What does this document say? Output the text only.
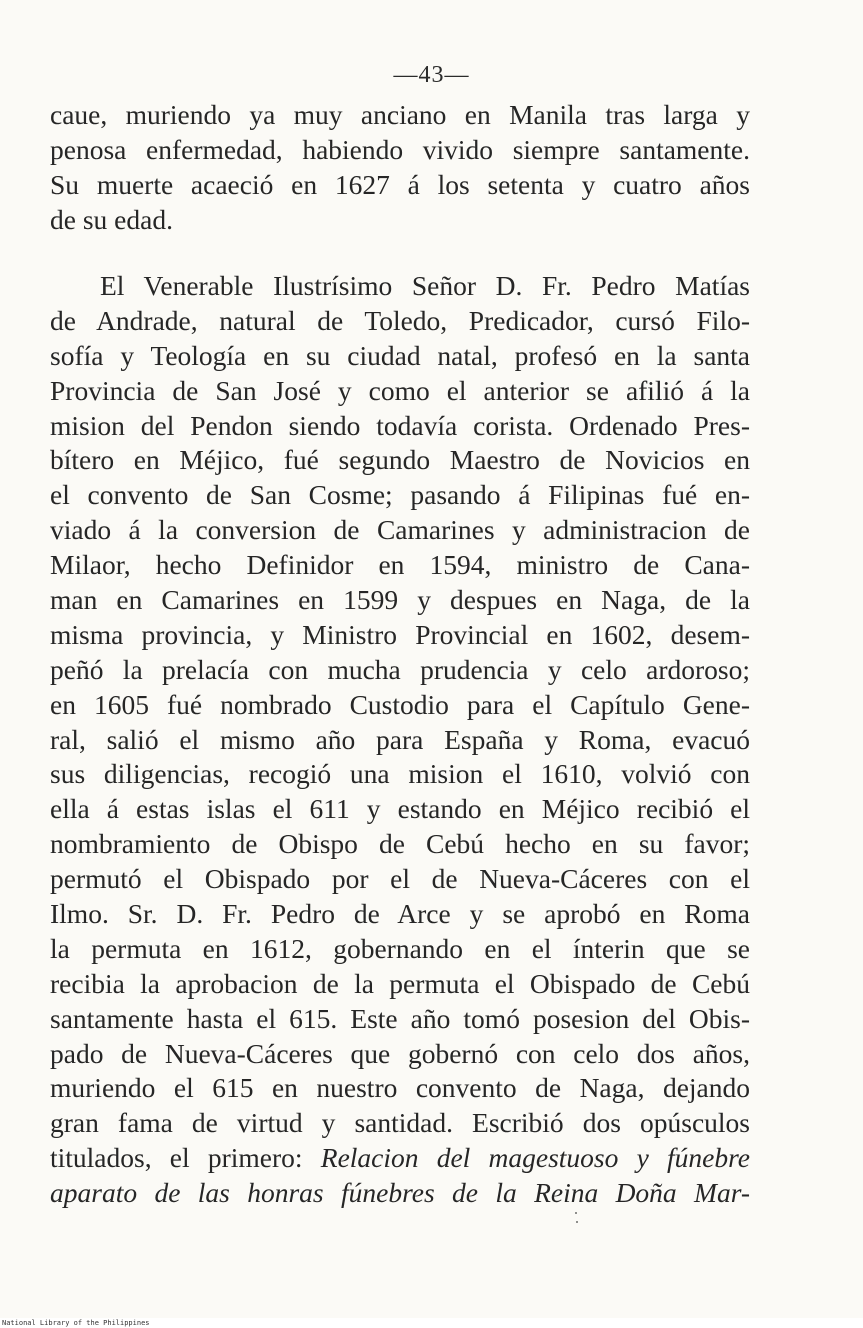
—43—
caue, muriendo ya muy anciano en Manila tras larga y
penosa enfermedad, habiendo vivido siempre santamente.
Su muerte acaeció en 1627 á los setenta y cuatro años
de su edad.
El Venerable Ilustrísimo Señor D. Fr. Pedro Matías
de Andrade, natural de Toledo, Predicador, cursó Filo-
sofía y Teología en su ciudad natal, profesó en la santa
Provincia de San José y como el anterior se afilió á la
mision del Pendon siendo todavía corista. Ordenado Pres-
bítero en Méjico, fué segundo Maestro de Novicios en
el convento de San Cosme; pasando á Filipinas fué en-
viado á la conversion de Camarines y administracion de
Milaor, hecho Definidor en 1594, ministro de Cana-
man en Camarines en 1599 y despues en Naga, de la
misma provincia, y Ministro Provincial en 1602, desem-
peñó la prelacía con mucha prudencia y celo ardoroso;
en 1605 fué nombrado Custodio para el Capítulo Gene-
ral, salió el mismo año para España y Roma, evacuó
sus diligencias, recogió una mision el 1610, volvió con
ella á estas islas el 611 y estando en Méjico recibió el
nombramiento de Obispo de Cebú hecho en su favor;
permutó el Obispado por el de Nueva-Cáceres con el
Ilmo. Sr. D. Fr. Pedro de Arce y se aprobó en Roma
la permuta en 1612, gobernando en el ínterin que se
recibia la aprobacion de la permuta el Obispado de Cebú
santamente hasta el 615. Este año tomó posesion del Obis-
pado de Nueva-Cáceres que gobernó con celo dos años,
muriendo el 615 en nuestro convento de Naga, dejando
gran fama de virtud y santidad. Escribió dos opúsculos
titulados, el primero: Relacion del magestuoso y fúnebre
aparato de las honras fúnebres de la Reina Doña Mar-
National Library of the Philippines
